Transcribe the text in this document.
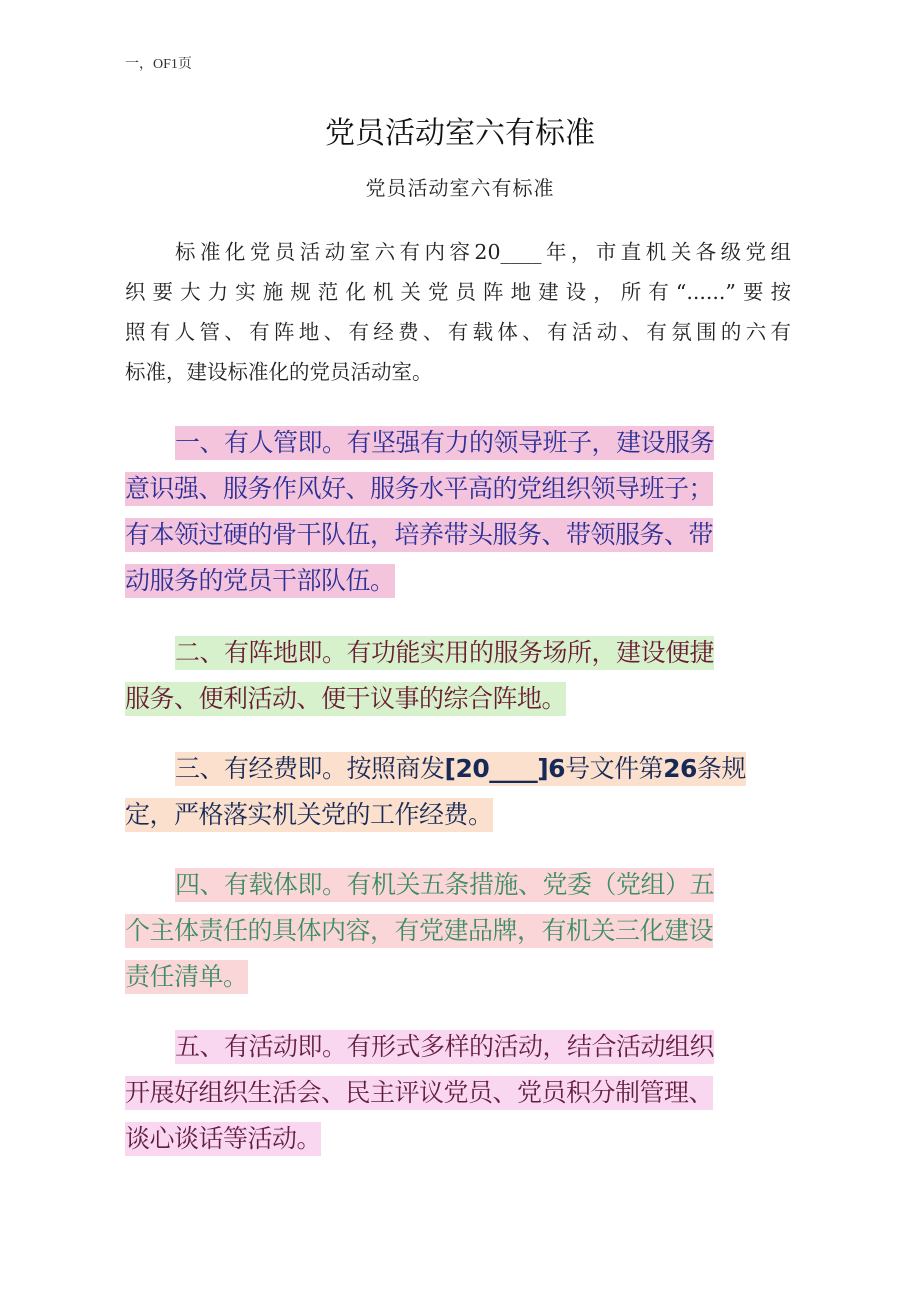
一，OF1页
党员活动室六有标准
党员活动室六有标准
标准化党员活动室六有内容20____年，市直机关各级党组
织要大力实施规范化机关党员阵地建设，所有“......”要按
照有人管、有阵地、有经费、有载体、有活动、有氛围的六有
标准，建设标准化的党员活动室。
一、有人管即。有坚强有力的领导班子，建设服务
意识强、服务作风好、服务水平高的党组织领导班子；
有本领过硬的骨干队伍，培养带头服务、带领服务、带
动服务的党员干部队伍。
二、有阵地即。有功能实用的服务场所，建设便捷
服务、便利活动、便于议事的综合阵地。
三、有经费即。按照商发[20____]6号文件第26条规
定，严格落实机关党的工作经费。
四、有载体即。有机关五条措施、党委（党组）五
个主体责任的具体内容，有党建品牌，有机关三化建设
责任清单。
五、有活动即。有形式多样的活动，结合活动组织
开展好组织生活会、民主评议党员、党员积分制管理、
谈心谈话等活动。
